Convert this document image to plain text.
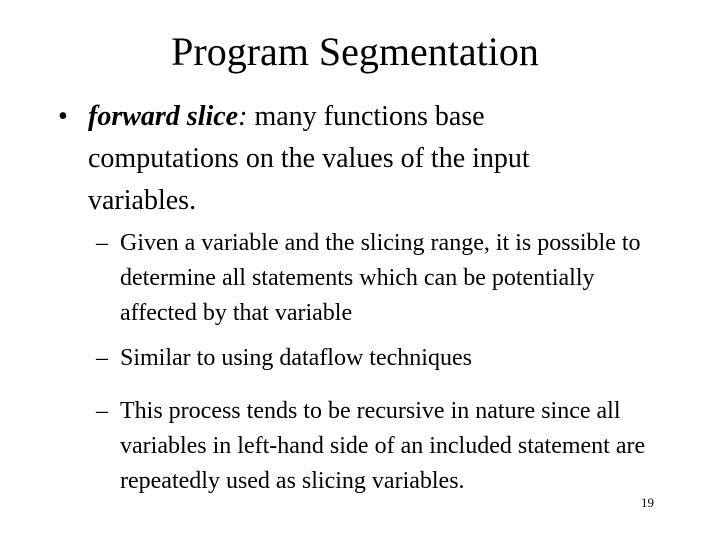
Program Segmentation
• forward slice: many functions base computations on the values of the input variables.
– Given a variable and the slicing range, it is possible to determine all statements which can be potentially affected by that variable
– Similar to using dataflow techniques
– This process tends to be recursive in nature since all variables in left-hand side of an included statement are repeatedly used as slicing variables.
19
